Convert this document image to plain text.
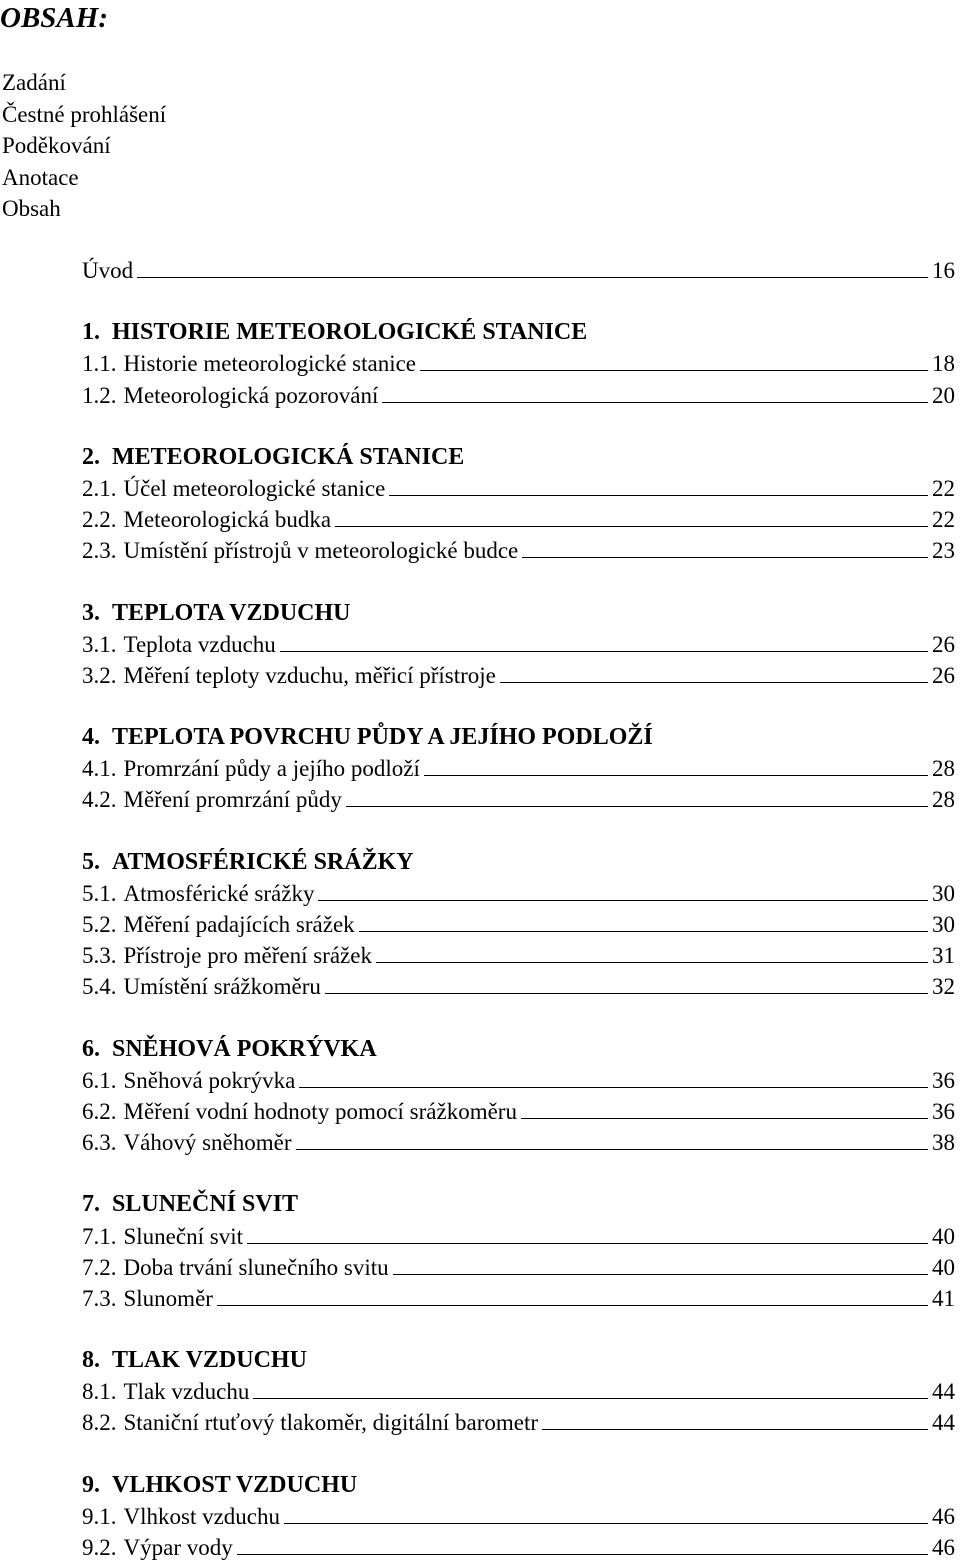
OBSAH:
Zadání
Čestné prohlášení
Poděkování
Anotace
Obsah
Úvod	16
1. HISTORIE METEOROLOGICKÉ STANICE
1.1. Historie meteorologické stanice	18
1.2. Meteorologická pozorování	20
2. METEOROLOGICKÁ STANICE
2.1. Účel meteorologické stanice	22
2.2. Meteorologická budka	22
2.3. Umístění přístrojů v meteorologické budce	23
3. TEPLOTA VZDUCHU
3.1. Teplota vzduchu	26
3.2. Měření teploty vzduchu, měřicí přístroje	26
4. TEPLOTA POVRCHU PŮDY A JEJÍHO PODLOŽÍ
4.1. Promrzání půdy a jejího podloží	28
4.2. Měření promrzání půdy	28
5. ATMOSFÉRICKÉ SRÁŽKY
5.1. Atmosférické srážky	30
5.2. Měření padajících srážek	30
5.3. Přístroje pro měření srážek	31
5.4. Umístění srážkoměru	32
6. SNĚHOVÁ POKRÝVKA
6.1. Sněhová pokrývka	36
6.2. Měření vodní hodnoty pomocí srážkoměru	36
6.3. Váhový sněhoměr	38
7. SLUNEČNÍ SVIT
7.1. Sluneční svit	40
7.2. Doba trvání slunečního svitu	40
7.3. Slunoměr	41
8. TLAK VZDUCHU
8.1. Tlak vzduchu	44
8.2. Staniční rtuťový tlakoměr, digitální barometr	44
9. VLHKOST VZDUCHU
9.1. Vlhkost vzduchu	46
9.2. Výpar vody	46
